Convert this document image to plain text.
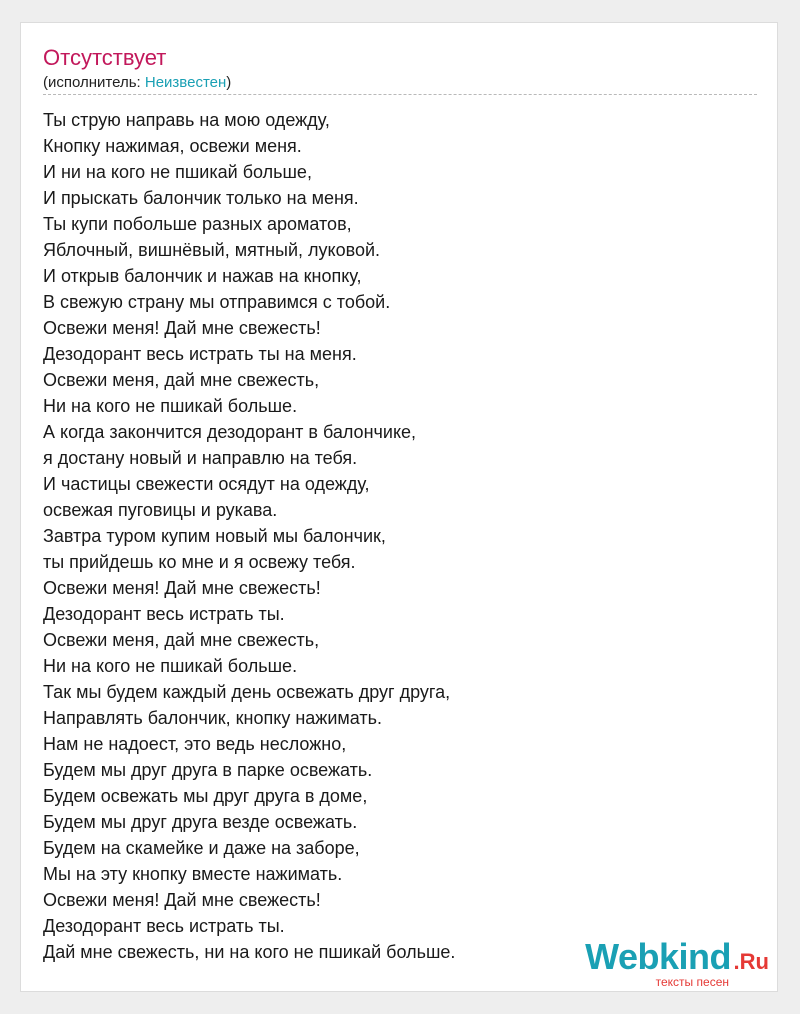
Отсутствует
(исполнитель: Неизвестен)
Ты струю направь на мою одежду,
Кнопку нажимая, освежи меня.
И ни на кого не пшикай больше,
И прыскать балончик только на меня.
Ты купи побольше разных ароматов,
Яблочный, вишнёвый, мятный, луковой.
И открыв балончик и нажав на кнопку,
В свежую страну мы отправимся с тобой.
Освежи меня! Дай мне свежесть!
Дезодорант весь истрать ты на меня.
Освежи меня, дай мне свежесть,
Ни на кого не пшикай больше.
А когда закончится дезодорант в балончике,
я достану новый и направлю на тебя.
И частицы свежести осядут на одежду,
освежая пуговицы и рукава.
Завтра туром купим новый мы балончик,
ты прийдешь ко мне и я освежу тебя.
Освежи меня! Дай мне свежесть!
Дезодорант весь истрать ты.
Освежи меня, дай мне свежесть,
Ни на кого не пшикай больше.
Так мы будем каждый день освежать друг друга,
Направлять балончик, кнопку нажимать.
Нам не надоест, это ведь несложно,
Будем мы друг друга в парке освежать.
Будем освежать мы друг друга в доме,
Будем мы друг друга везде освежать.
Будем на скамейке и даже на заборе,
Мы на эту кнопку вместе нажимать.
Освежи меня! Дай мне свежесть!
Дезодорант весь истрать ты.
Дай мне свежесть, ни на кого не пшикай больше.	Webkind .Ru
тексты песен
